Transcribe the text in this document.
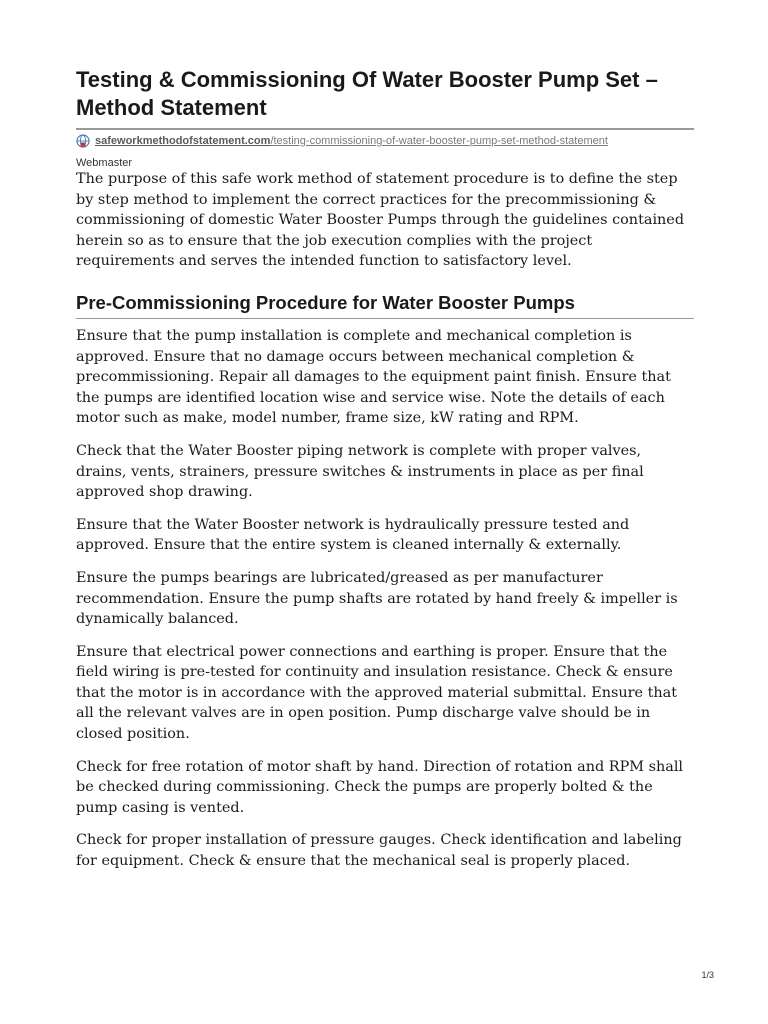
Testing & Commissioning Of Water Booster Pump Set – Method Statement
safeworkmethodofstatement.com /testing-commissioning-of-water-booster-pump-set-method-statement
Webmaster

The purpose of this safe work method of statement procedure is to define the step by step method to implement the correct practices for the precommissioning & commissioning of domestic Water Booster Pumps through the guidelines contained herein so as to ensure that the job execution complies with the project requirements and serves the intended function to satisfactory level.

Pre-Commissioning Procedure for Water Booster Pumps

Ensure that the pump installation is complete and mechanical completion is approved. Ensure that no damage occurs between mechanical completion & precommissioning. Repair all damages to the equipment paint finish. Ensure that the pumps are identified location wise and service wise. Note the details of each motor such as make, model number, frame size, kW rating and RPM.

Check that the Water Booster piping network is complete with proper valves, drains, vents, strainers, pressure switches & instruments in place as per final approved shop drawing.

Ensure that the Water Booster network is hydraulically pressure tested and approved. Ensure that the entire system is cleaned internally & externally.

Ensure the pumps bearings are lubricated/greased as per manufacturer recommendation. Ensure the pump shafts are rotated by hand freely & impeller is dynamically balanced.

Ensure that electrical power connections and earthing is proper. Ensure that the field wiring is pre-tested for continuity and insulation resistance. Check & ensure that the motor is in accordance with the approved material submittal. Ensure that all the relevant valves are in open position. Pump discharge valve should be in closed position.

Check for free rotation of motor shaft by hand. Direction of rotation and RPM shall be checked during commissioning. Check the pumps are properly bolted & the pump casing is vented.

Check for proper installation of pressure gauges. Check identification and labeling for equipment. Check & ensure that the mechanical seal is properly placed.

1/3
